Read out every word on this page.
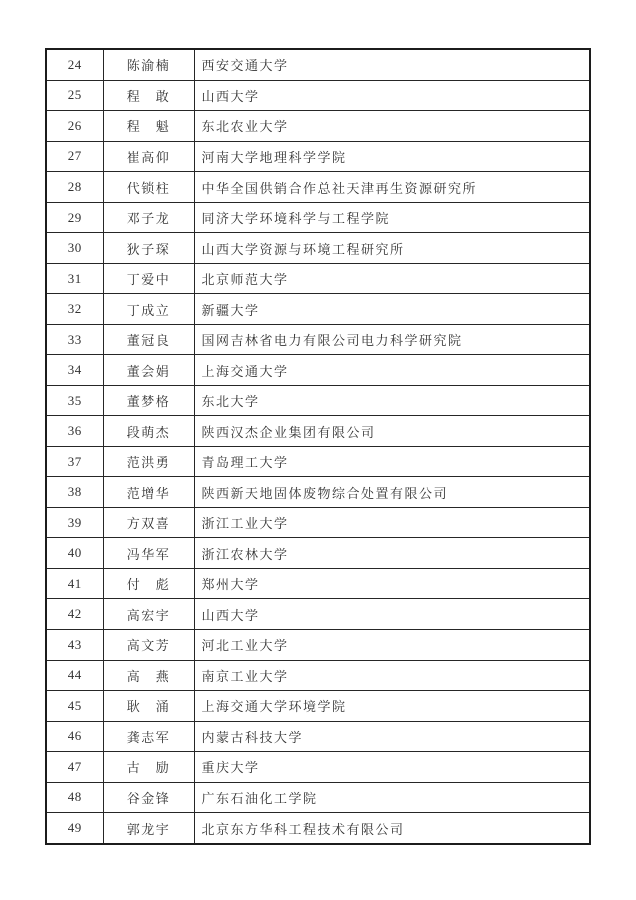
24	陈渝楠	西安交通大学
25	程　敢	山西大学
26	程　魁	东北农业大学
27	崔高仰	河南大学地理科学学院
28	代锁柱	中华全国供销合作总社天津再生资源研究所
29	邓子龙	同济大学环境科学与工程学院
30	狄子琛	山西大学资源与环境工程研究所
31	丁爱中	北京师范大学
32	丁成立	新疆大学
33	董冠良	国网吉林省电力有限公司电力科学研究院
34	董会娟	上海交通大学
35	董梦格	东北大学
36	段萌杰	陕西汉杰企业集团有限公司
37	范洪勇	青岛理工大学
38	范增华	陕西新天地固体废物综合处置有限公司
39	方双喜	浙江工业大学
40	冯华军	浙江农林大学
41	付　彪	郑州大学
42	高宏宇	山西大学
43	高文芳	河北工业大学
44	高　燕	南京工业大学
45	耿　涌	上海交通大学环境学院
46	龚志军	内蒙古科技大学
47	古　励	重庆大学
48	谷金锋	广东石油化工学院
49	郭龙宇	北京东方华科工程技术有限公司
